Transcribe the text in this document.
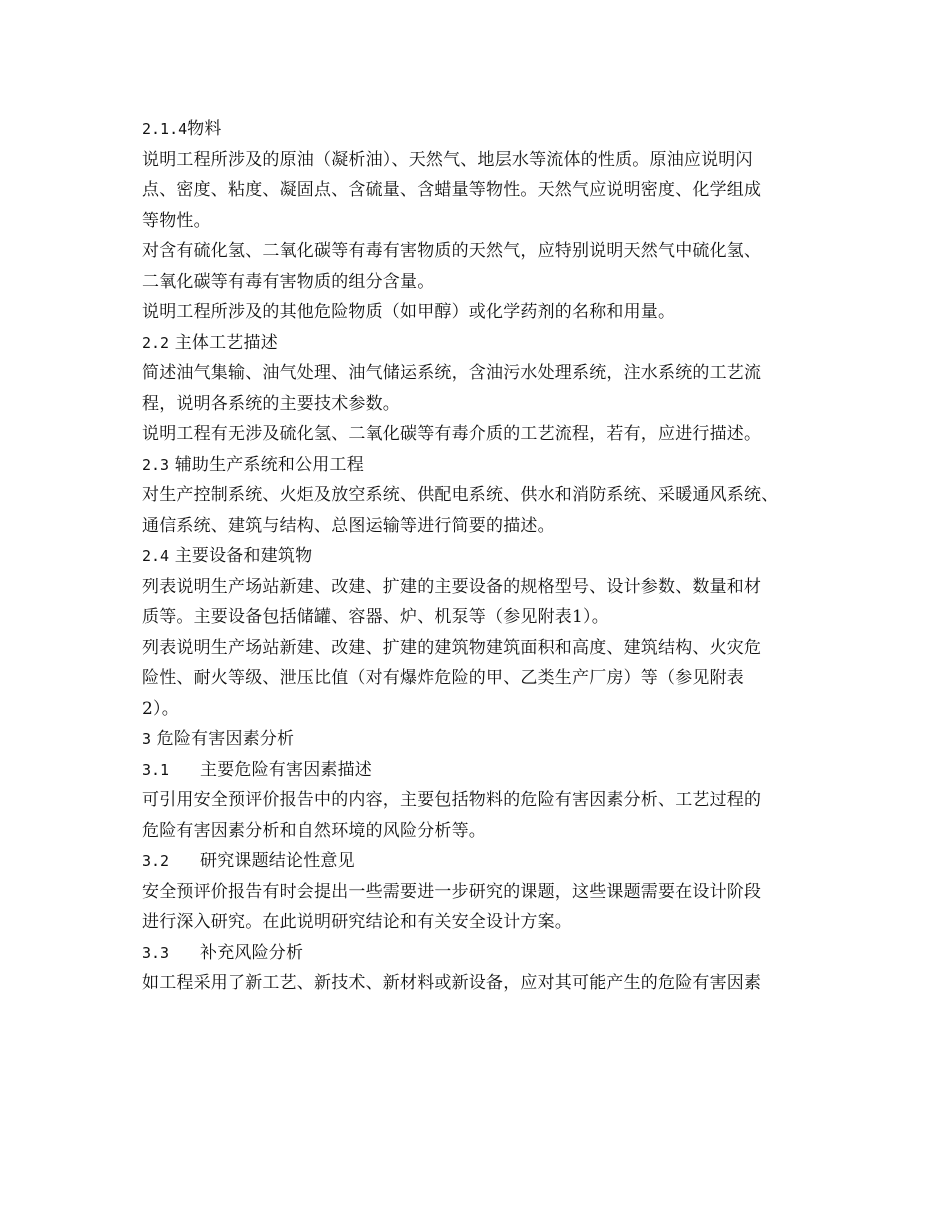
2.1.4物料
说明工程所涉及的原油（凝析油）、天然气、地层水等流体的性质。原油应说明闪
点、密度、粘度、凝固点、含硫量、含蜡量等物性。天然气应说明密度、化学组成
等物性。
对含有硫化氢、二氧化碳等有毒有害物质的天然气，应特别说明天然气中硫化氢、
二氧化碳等有毒有害物质的组分含量。
说明工程所涉及的其他危险物质（如甲醇）或化学药剂的名称和用量。
2.2 主体工艺描述
简述油气集输、油气处理、油气储运系统，含油污水处理系统，注水系统的工艺流
程，说明各系统的主要技术参数。
说明工程有无涉及硫化氢、二氧化碳等有毒介质的工艺流程，若有，应进行描述。
2.3 辅助生产系统和公用工程
对生产控制系统、火炬及放空系统、供配电系统、供水和消防系统、采暖通风系统、
通信系统、建筑与结构、总图运输等进行简要的描述。
2.4 主要设备和建筑物
列表说明生产场站新建、改建、扩建的主要设备的规格型号、设计参数、数量和材
质等。主要设备包括储罐、容器、炉、机泵等（参见附表1）。
列表说明生产场站新建、改建、扩建的建筑物建筑面积和高度、建筑结构、火灾危
险性、耐火等级、泄压比值（对有爆炸危险的甲、乙类生产厂房）等（参见附表
2）。
3 危险有害因素分析
3.1 主要危险有害因素描述
可引用安全预评价报告中的内容，主要包括物料的危险有害因素分析、工艺过程的
危险有害因素分析和自然环境的风险分析等。
3.2 研究课题结论性意见
安全预评价报告有时会提出一些需要进一步研究的课题，这些课题需要在设计阶段
进行深入研究。在此说明研究结论和有关安全设计方案。
3.3 补充风险分析
如工程采用了新工艺、新技术、新材料或新设备，应对其可能产生的危险有害因素
